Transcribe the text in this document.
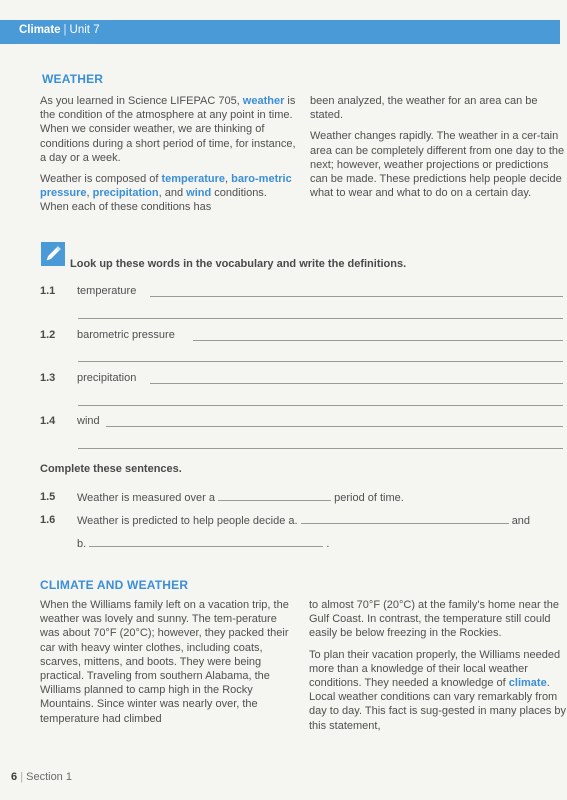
Climate | Unit 7
WEATHER

As you learned in Science LIFEPAC 705, weather is the condition of the atmosphere at any point in time. When we consider weather, we are thinking of conditions during a short period of time, for instance, a day or a week.

Weather is composed of temperature, baro-metric pressure, precipitation, and wind conditions. When each of these conditions has

been analyzed, the weather for an area can be stated.

Weather changes rapidly. The weather in a cer-tain area can be completely different from one day to the next; however, weather projections or predictions can be made. These predictions help people decide what to wear and what to do on a certain day.

Look up these words in the vocabulary and write the definitions.
1.1 temperature
1.2 barometric pressure
1.3 precipitation
1.4 wind
Complete these sentences.
1.5 Weather is measured over a	period of time.
1.6 Weather is predicted to help people decide a.	and
b.	.
CLIMATE AND WEATHER

When the Williams family left on a vacation trip, the weather was lovely and sunny. The tem-perature was about 70°F (20°C); however, they packed their car with heavy winter clothes, including coats, scarves, mittens, and boots. They were being practical. Traveling from southern Alabama, the Williams planned to camp high in the Rocky Mountains. Since winter was nearly over, the temperature had climbed

to almost 70°F (20°C) at the family's home near the Gulf Coast. In contrast, the temperature still could easily be below freezing in the Rockies.

To plan their vacation properly, the Williams needed more than a knowledge of their local weather conditions. They needed a knowledge of climate. Local weather conditions can vary remarkably from day to day. This fact is sug-gested in many places by this statement,

6 | Section 1
